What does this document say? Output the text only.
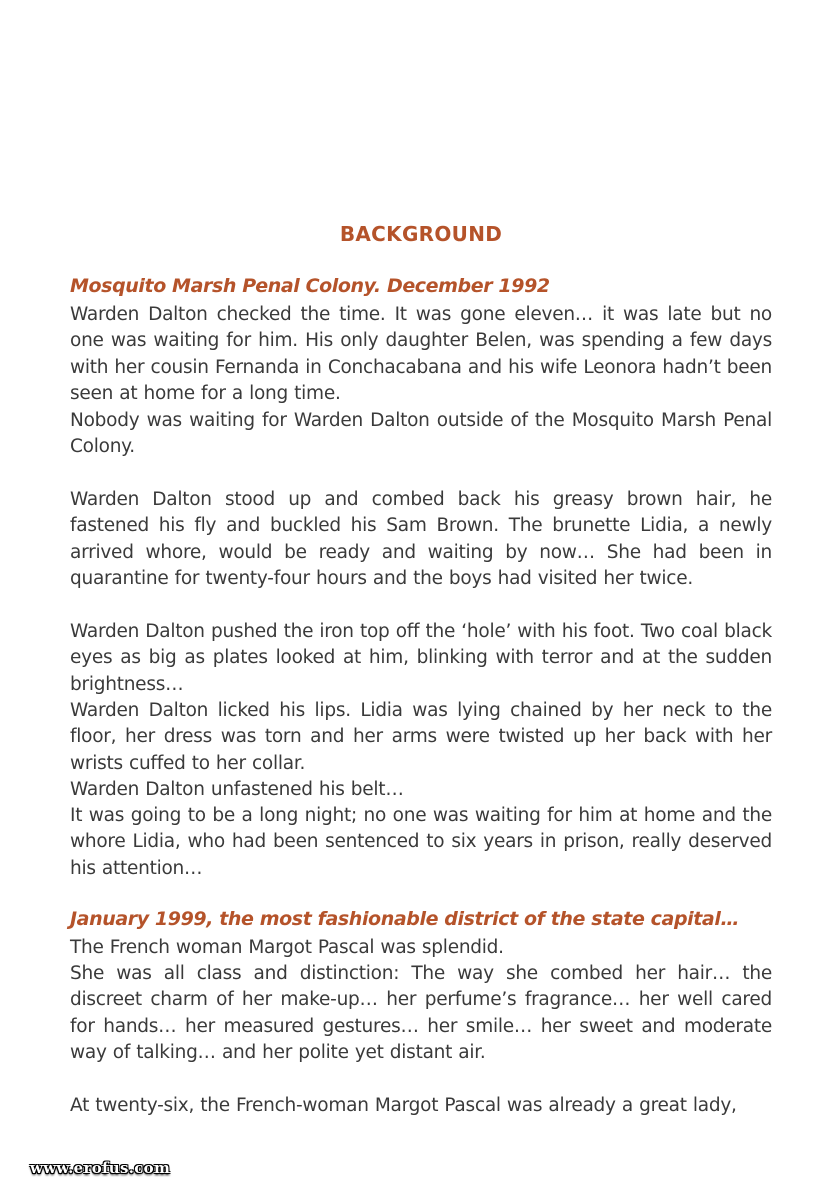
BACKGROUND
Mosquito Marsh Penal Colony. December 1992

Warden Dalton checked the time. It was gone eleven… it was late but no one was waiting for him. His only daughter Belen, was spending a few days with her cousin Fernanda in Conchacabana and his wife Leonora hadn’t been seen at home for a long time.

Nobody was waiting for Warden Dalton outside of the Mosquito Marsh Penal Colony.

Warden Dalton stood up and combed back his greasy brown hair, he fastened his fly and buckled his Sam Brown. The brunette Lidia, a newly arrived whore, would be ready and waiting by now… She had been in quarantine for twenty-four hours and the boys had visited her twice.

Warden Dalton pushed the iron top off the ‘hole’ with his foot. Two coal black eyes as big as plates looked at him, blinking with terror and at the sudden brightness…

Warden Dalton licked his lips. Lidia was lying chained by her neck to the floor, her dress was torn and her arms were twisted up her back with her wrists cuffed to her collar.

Warden Dalton unfastened his belt…

It was going to be a long night; no one was waiting for him at home and the whore Lidia, who had been sentenced to six years in prison, really deserved his attention…

January 1999, the most fashionable district of the state capital…

The French woman Margot Pascal was splendid.

She was all class and distinction: The way she combed her hair… the discreet charm of her make-up… her perfume’s fragrance… her well cared for hands… her measured gestures… her smile… her sweet and moderate way of talking… and her polite yet distant air.

At twenty-six, the French-woman Margot Pascal was already a great lady,

www.erofus.com
